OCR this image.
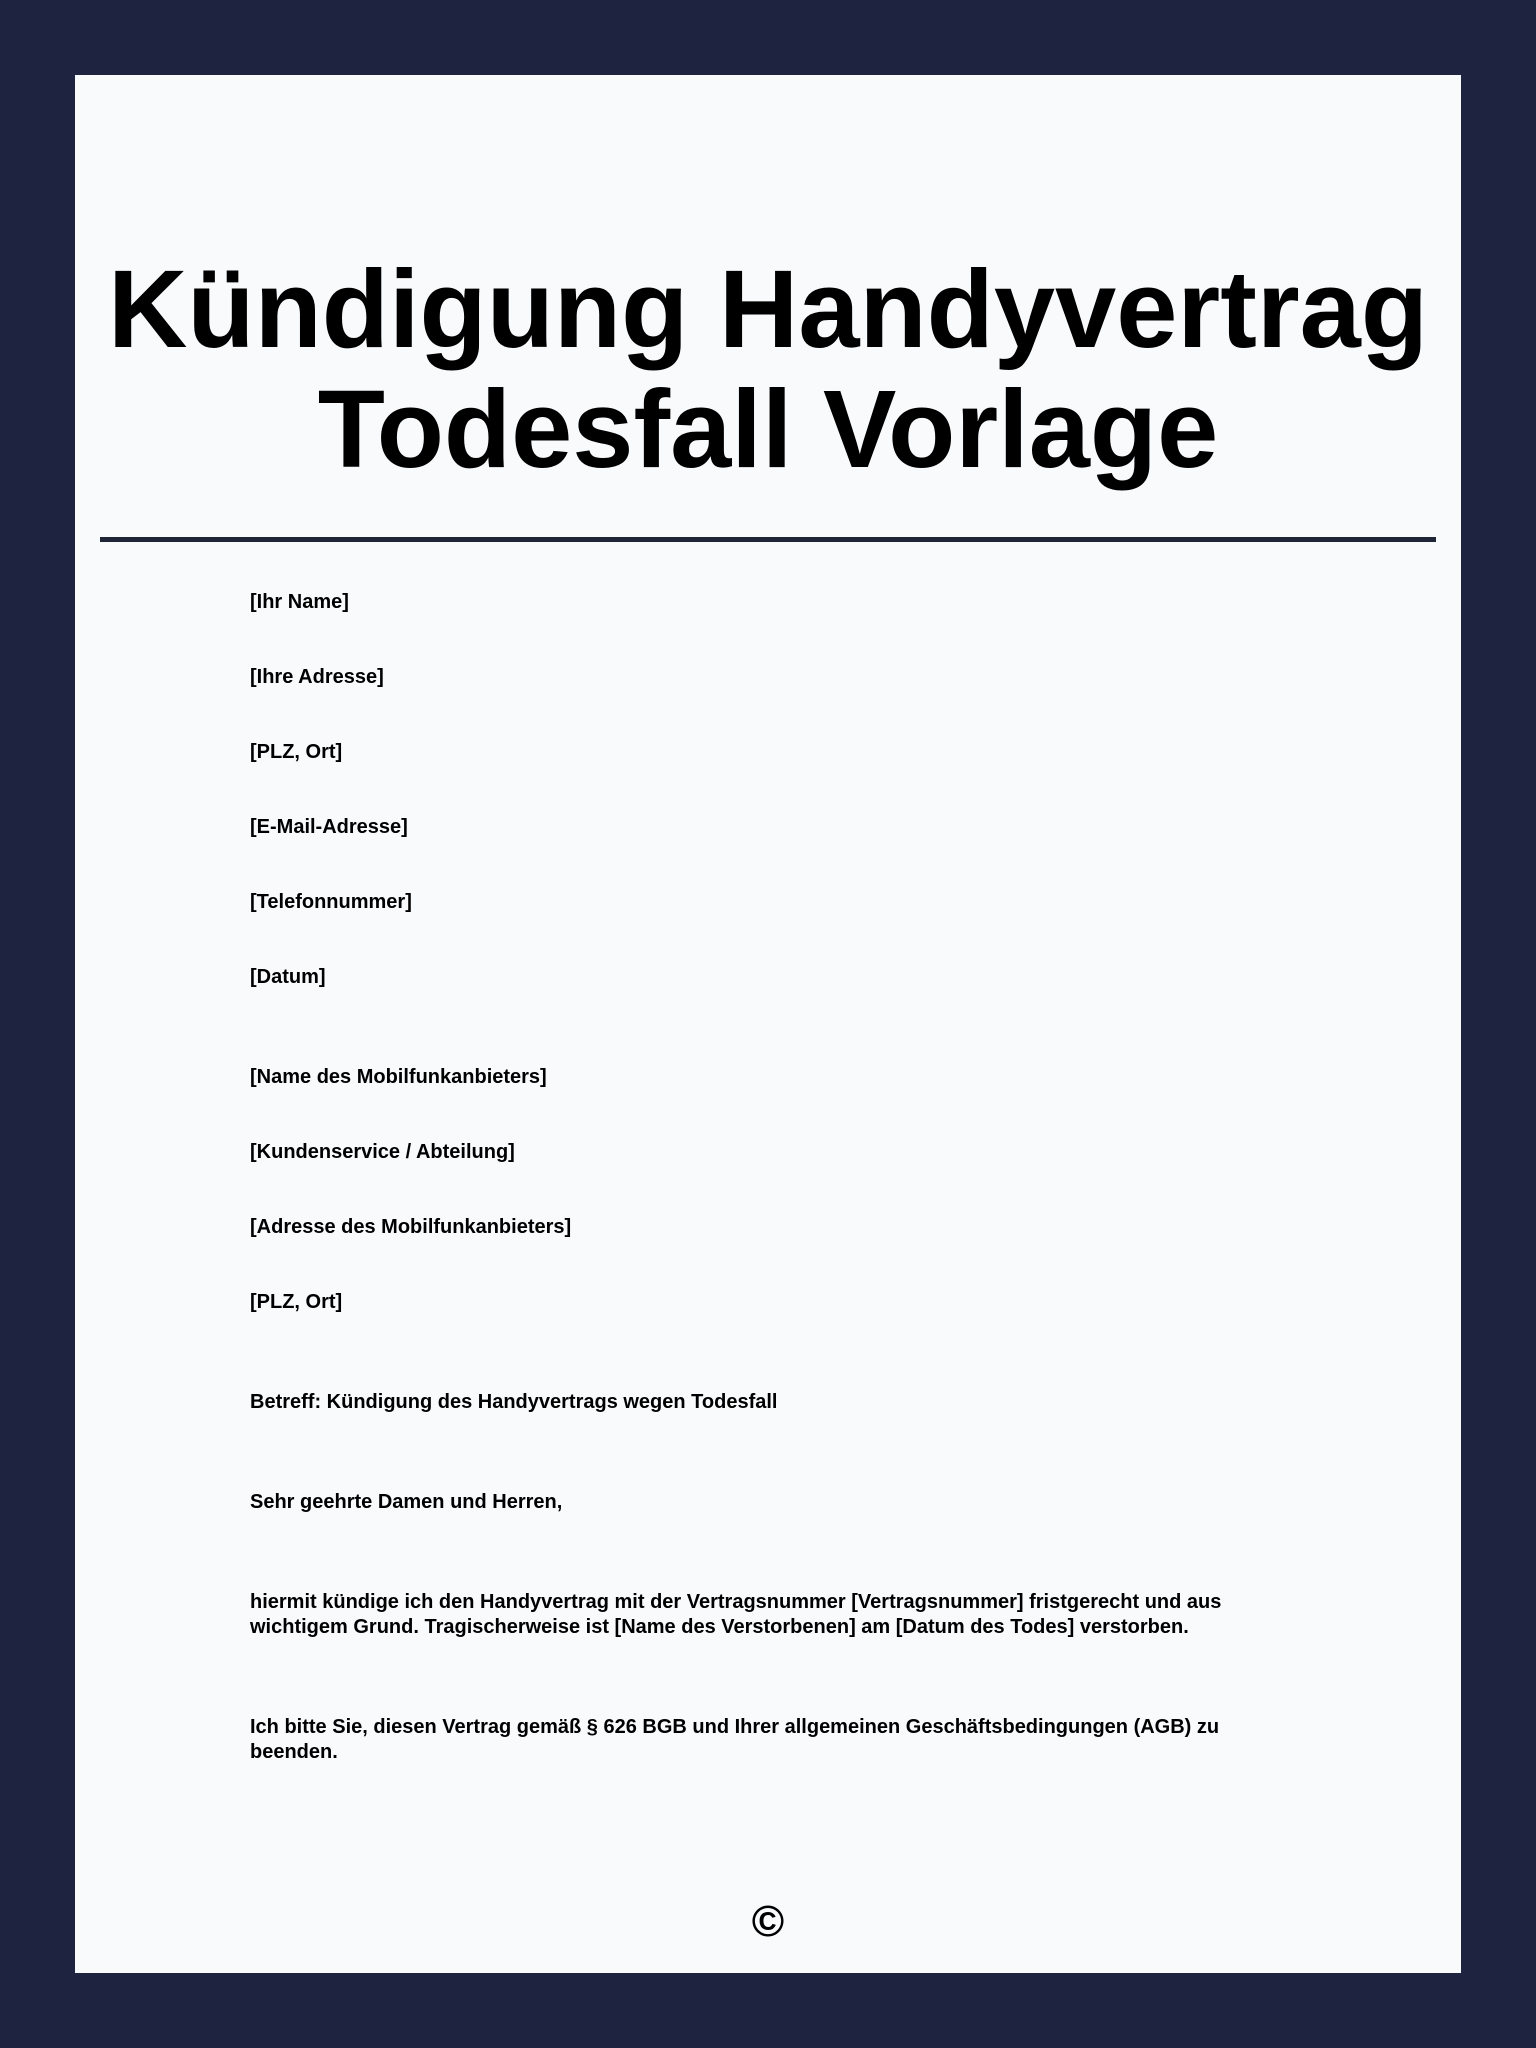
Kündigung Handyvertrag
Todesfall Vorlage

[Ihr Name]

[Ihre Adresse]

[PLZ, Ort]

[E-Mail-Adresse]

[Telefonnummer]

[Datum]

[Name des Mobilfunkanbieters]

[Kundenservice / Abteilung]

[Adresse des Mobilfunkanbieters]

[PLZ, Ort]

Betreff: Kündigung des Handyvertrags wegen Todesfall

Sehr geehrte Damen und Herren,

hiermit kündige ich den Handyvertrag mit der Vertragsnummer [Vertragsnummer] fristgerecht und aus wichtigem Grund. Tragischerweise ist [Name des Verstorbenen] am [Datum des Todes] verstorben.

Ich bitte Sie, diesen Vertrag gemäß § 626 BGB und Ihrer allgemeinen Geschäftsbedingungen (AGB) zu beenden.

©
